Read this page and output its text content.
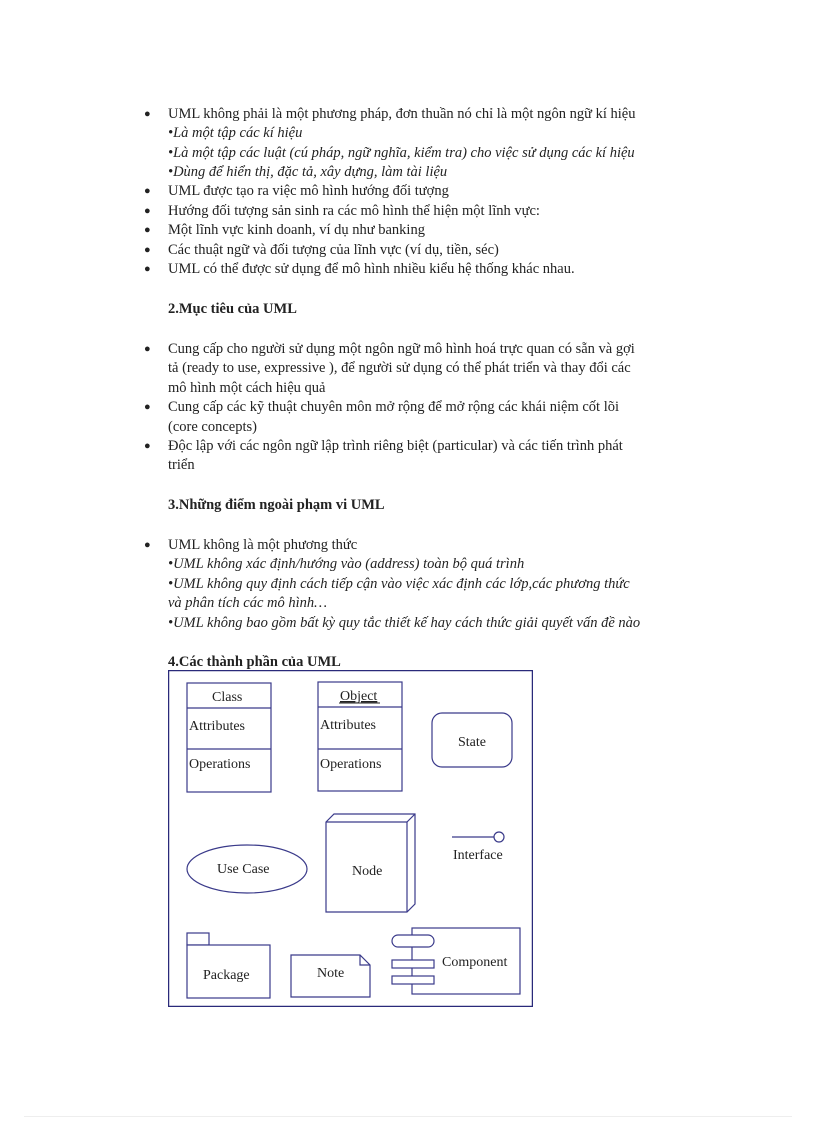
● UML không phải là một phương pháp, đơn thuần nó chỉ là một ngôn ngữ kí hiệu
•Là một tập các kí hiệu
•Là một tập các luật (cú pháp, ngữ nghĩa, kiểm tra) cho việc sử dụng các kí hiệu
•Dùng để hiển thị, đặc tả, xây dựng, làm tài liệu
● UML được tạo ra việc mô hình hướng đối tượng
● Hướng đối tượng sản sinh ra các mô hình thể hiện một lĩnh vực:
● Một lĩnh vực kinh doanh, ví dụ như banking
● Các thuật ngữ và đối tượng của lĩnh vực (ví dụ, tiền, séc)
● UML có thể được sử dụng để mô hình nhiều kiểu hệ thống khác nhau.
2.Mục tiêu của UML
● Cung cấp cho người sử dụng một ngôn ngữ mô hình hoá trực quan có sẵn và gợi
tả (ready to use, expressive ), để người sử dụng có thể phát triển và thay đổi các
mô hình một cách hiệu quả
● Cung cấp các kỹ thuật chuyên môn mở rộng để mở rộng các khái niệm cốt lõi
(core concepts)
● Độc lập với các ngôn ngữ lập trình riêng biệt (particular) và các tiến trình phát
triển
3.Những điểm ngoài phạm vi UML
● UML không là một phương thức
•UML không xác định/hướng vào (address) toàn bộ quá trình
•UML không quy định cách tiếp cận vào việc xác định các lớp,các phương thức
và phân tích các mô hình…
•UML không bao gồm bất kỳ quy tắc thiết kế hay cách thức giải quyết vấn đề nào
4.Các thành phần của UML
Class
Attributes
Operations
Object
Attributes
Operations
State
Use Case	Node
Interface
Package	Note
Component
